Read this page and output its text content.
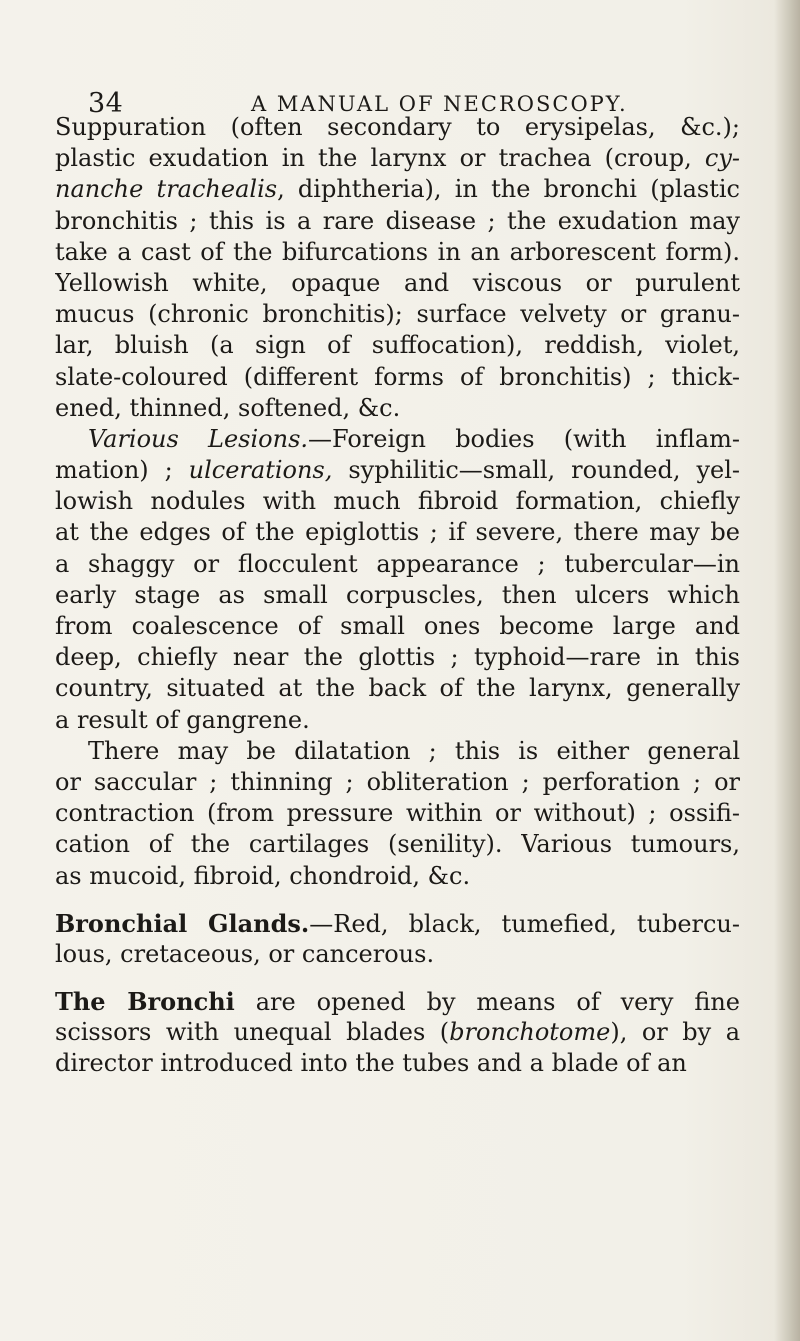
34	A MANUAL OF NECROSCOPY.
Suppuration (often secondary to erysipelas, &c.);
plastic exudation in the larynx or trachea (croup, cy-
nanche trachealis, diphtheria), in the bronchi (plastic
bronchitis ; this is a rare disease ; the exudation may
take a cast of the bifurcations in an arborescent form).
Yellowish white, opaque and viscous or purulent
mucus (chronic bronchitis); surface velvety or granu-
lar, bluish (a sign of suffocation), reddish, violet,
slate-coloured (different forms of bronchitis) ; thick-
ened, thinned, softened, &c.
Various Lesions.—Foreign bodies (with inflam-
mation) ; ulcerations, syphilitic—small, rounded, yel-
lowish nodules with much fibroid formation, chiefly
at the edges of the epiglottis ; if severe, there may be
a shaggy or flocculent appearance ; tubercular—in
early stage as small corpuscles, then ulcers which
from coalescence of small ones become large and
deep, chiefly near the glottis ; typhoid—rare in this
country, situated at the back of the larynx, generally
a result of gangrene.
There may be dilatation ; this is either general
or saccular ; thinning ; obliteration ; perforation ; or
contraction (from pressure within or without) ; ossifi-
cation of the cartilages (senility). Various tumours,
as mucoid, fibroid, chondroid, &c.
Bronchial Glands.—Red, black, tumefied, tubercu-
lous, cretaceous, or cancerous.
The Bronchi are opened by means of very fine
scissors with unequal blades (bronchotome), or by a
director introduced into the tubes and a blade of an
